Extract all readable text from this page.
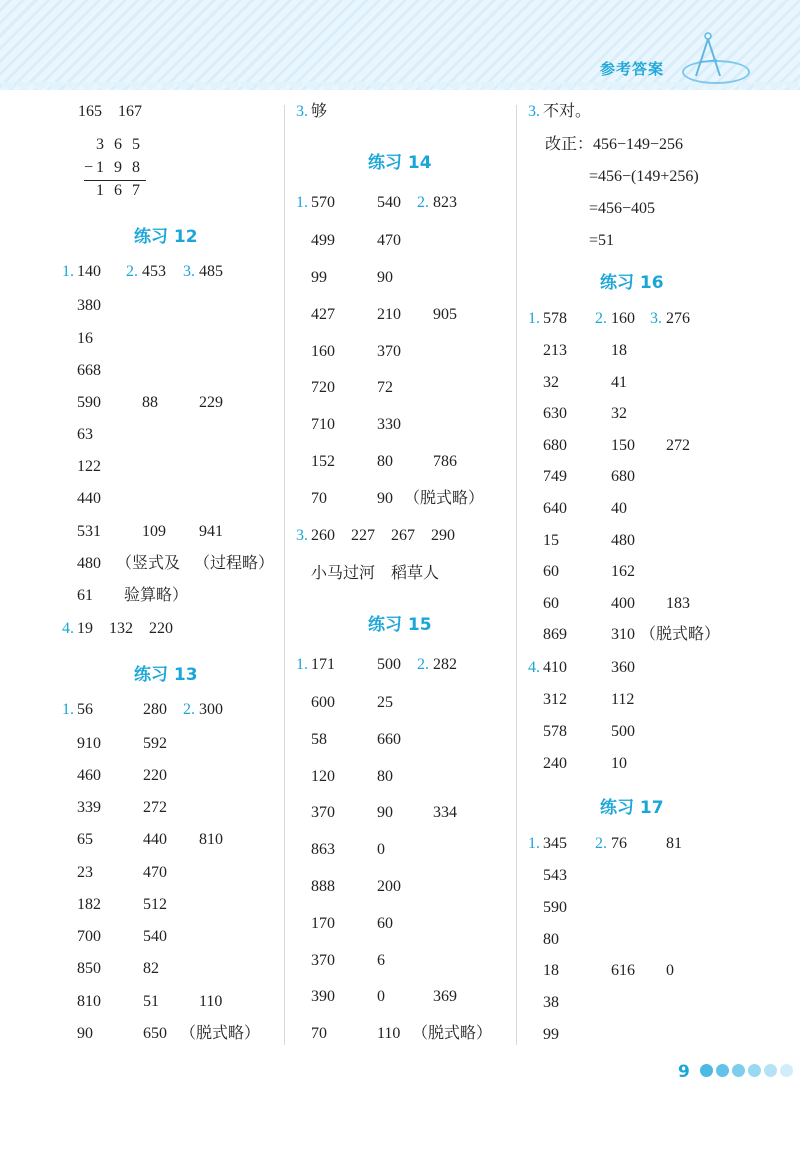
参考答案
165　167
3 6 5
−1 9 8
1 6 7
练习 12
1. 140 2. 453 3. 485
380
16
668
590	88	229
63
122
440
531	109 941
480 （竖式及 （过程略）
61 验算略）
4. 19　132　220
练习 13
1. 56	280 2. 300
910	592
460	220
339	272
65	440 810
23	470
182	512
700	540
850	82
810	51	110
90	650 （脱式略）
3. 够
练习 14
1. 570	540 2. 823
499	470
99	90
427	210 905
160	370
720	72
710	330
152	80	786
70	90 （脱式略）
3. 260　227　267　290
小马过河　稻草人
练习 15
1. 171	500 2. 282
600	25
58	660
120	80
370	90	334
863	0
888	200
170	60
370	6
390	0	369
70	110 （脱式略）
3. 不对。
改正：456−149−256
=456−(149+256)
=456−405
=51
练习 16
1. 578 2. 160 3. 276
213	18
32	41
630	32
680	150 272
749	680
640	40
15	480
60	162
60	400 183
869	310 （脱式略）
4. 410	360
312	112
578	500
240	10
练习 17
1. 345 2. 76 81
543
590
80
18	616 0
38
99
9
